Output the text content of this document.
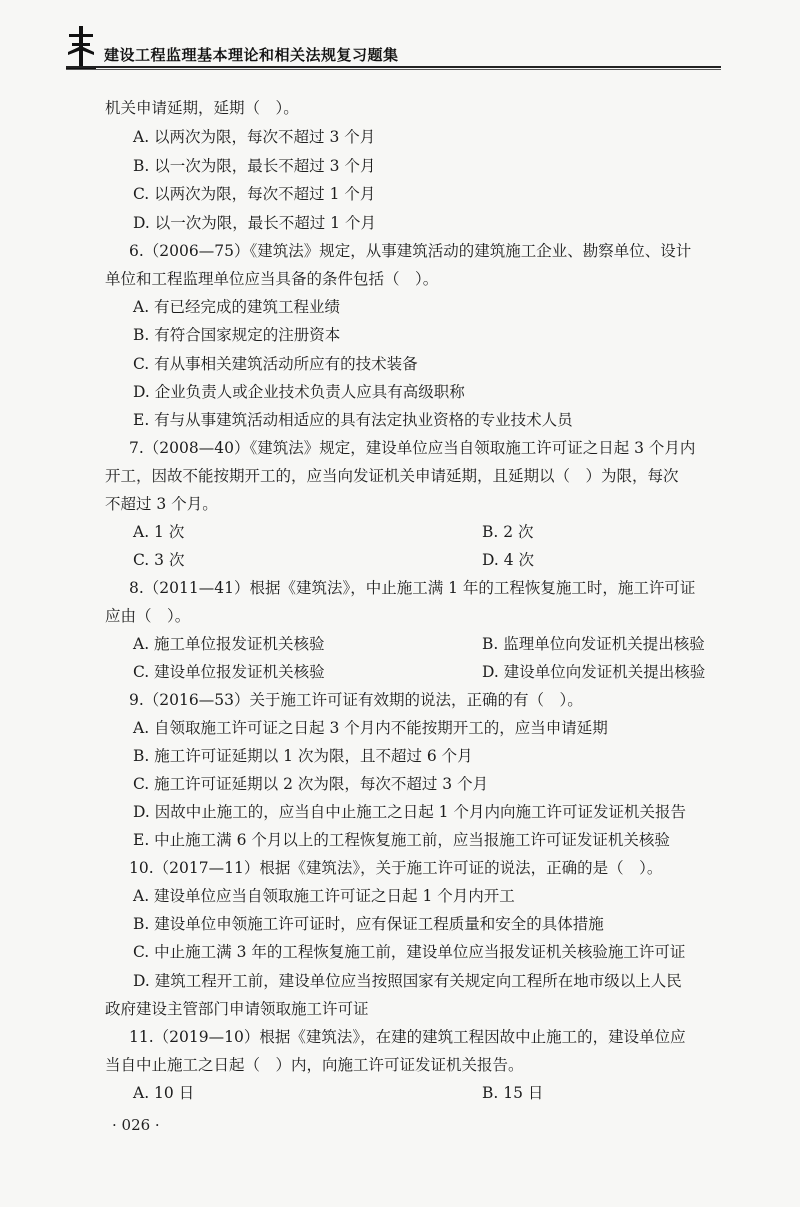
建设工程监理基本理论和相关法规复习题集
机关申请延期，延期（　）。
A. 以两次为限，每次不超过 3 个月
B. 以一次为限，最长不超过 3 个月
C. 以两次为限，每次不超过 1 个月
D. 以一次为限，最长不超过 1 个月
6.（2006—75）《建筑法》规定，从事建筑活动的建筑施工企业、勘察单位、设计
单位和工程监理单位应当具备的条件包括（　）。
A. 有已经完成的建筑工程业绩
B. 有符合国家规定的注册资本
C. 有从事相关建筑活动所应有的技术装备
D. 企业负责人或企业技术负责人应具有高级职称
E. 有与从事建筑活动相适应的具有法定执业资格的专业技术人员
7.（2008—40）《建筑法》规定，建设单位应当自领取施工许可证之日起 3 个月内
开工，因故不能按期开工的，应当向发证机关申请延期，且延期以（　）为限，每次
不超过 3 个月。
A. 1 次	B. 2 次
C. 3 次	D. 4 次
8.（2011—41）根据《建筑法》，中止施工满 1 年的工程恢复施工时，施工许可证
应由（　）。
A. 施工单位报发证机关核验	B. 监理单位向发证机关提出核验
C. 建设单位报发证机关核验	D. 建设单位向发证机关提出核验
9.（2016—53）关于施工许可证有效期的说法，正确的有（　）。
A. 自领取施工许可证之日起 3 个月内不能按期开工的，应当申请延期
B. 施工许可证延期以 1 次为限，且不超过 6 个月
C. 施工许可证延期以 2 次为限，每次不超过 3 个月
D. 因故中止施工的，应当自中止施工之日起 1 个月内向施工许可证发证机关报告
E. 中止施工满 6 个月以上的工程恢复施工前，应当报施工许可证发证机关核验
10.（2017—11）根据《建筑法》，关于施工许可证的说法，正确的是（　）。
A. 建设单位应当自领取施工许可证之日起 1 个月内开工
B. 建设单位申领施工许可证时，应有保证工程质量和安全的具体措施
C. 中止施工满 3 年的工程恢复施工前，建设单位应当报发证机关核验施工许可证
D. 建筑工程开工前，建设单位应当按照国家有关规定向工程所在地市级以上人民
政府建设主管部门申请领取施工许可证
11.（2019—10）根据《建筑法》，在建的建筑工程因故中止施工的，建设单位应
当自中止施工之日起（　）内，向施工许可证发证机关报告。
A. 10 日	B. 15 日
· 026 ·
